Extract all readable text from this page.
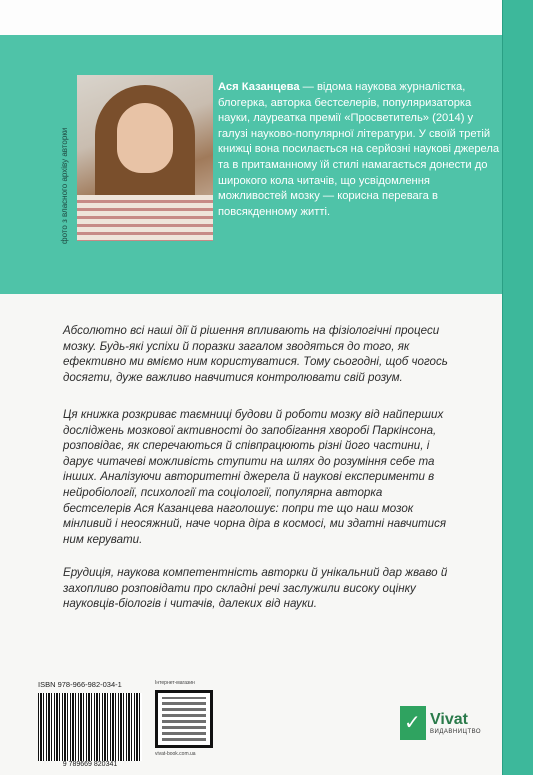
фото з власного архіву авторки

Ася Казанцева — відома наукова журналістка, блогерка, авторка бестселерів, популяризаторка науки, лауреатка премії «Просветитель» (2014) у галузі науково-популярної літератури. У своїй третій книжці вона посилається на серйозні наукові джерела та в притаманному їй стилі намагається донести до широкого кола читачів, що усвідомлення можливостей мозку — корисна перевага в повсякденному житті.

Абсолютно всі наші дії й рішення впливають на фізіологічні процеси мозку. Будь-які успіхи й поразки загалом зводяться до того, як ефективно ми вміємо ним користуватися. Тому сьогодні, щоб чогось досягти, дуже важливо навчитися контролювати свій розум.

Ця книжка розкриває таємниці будови й роботи мозку від найперших досліджень мозкової активності до запобігання хворобі Паркінсона, розповідає, як сперечаються й співпрацюють різні його частини, і дарує читачеві можливість ступити на шлях до розуміння себе та інших. Аналізуючи авторитетні джерела й наукові експерименти в нейробіології, психології та соціології, популярна авторка бестселерів Ася Казанцева наголошує: попри те що наш мозок мінливий і неосяжний, наче чорна діра в космосі, ми здатні навчитися ним керувати.

Ерудиція, наукова компетентність авторки й унікальний дар жваво й захопливо розповідати про складні речі заслужили високу оцінку науковців-біологів і читачів, далеких від науки.

ISBN 978-966-982-034-1
9 789669 820341
Інтернет-магазин
vivat-book.com.ua
✓
Vivat
ВИДАВНИЦТВО
